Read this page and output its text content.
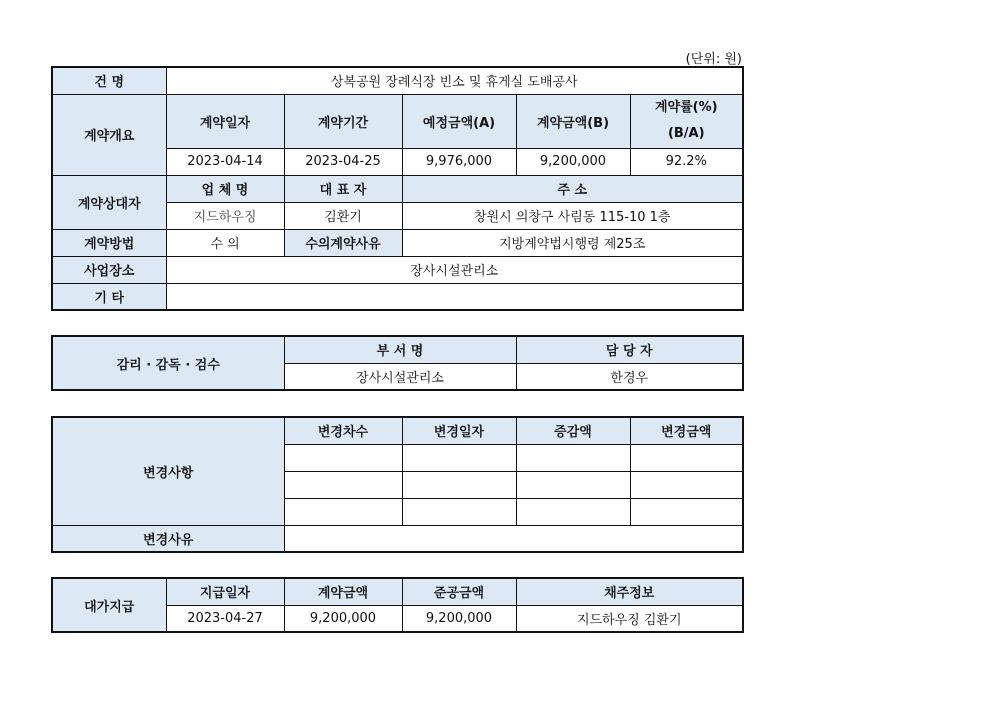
(단위: 원)
건 명	상복공원 장례식장 빈소 및 휴게실 도배공사				
계약개요	계약일자	계약기간	예정금액(A)	계약금액(B)	계약률(%)
(B/A)

	2023-04-14	2023-04-25	9,976,000	9,200,000	92.2%
계약상대자	업 체 명	대 표 자	주 소		
	지드하우징	김환기	창원시 의창구 사림동 115-10 1층		
계약방법	수 의	수의계약사유	지방계약법시행령 제25조		
사업장소	장사시설관리소				
기 타					
감리 · 감독 · 검수	부 서 명	담 당 자
	장사시설관리소	한경우
변경사항	변경차수	변경일자	증감액	변경금액

변경사유				
대가지급	지급일자	계약금액	준공금액	채주정보
	2023-04-27	9,200,000	9,200,000	지드하우징 김환기
